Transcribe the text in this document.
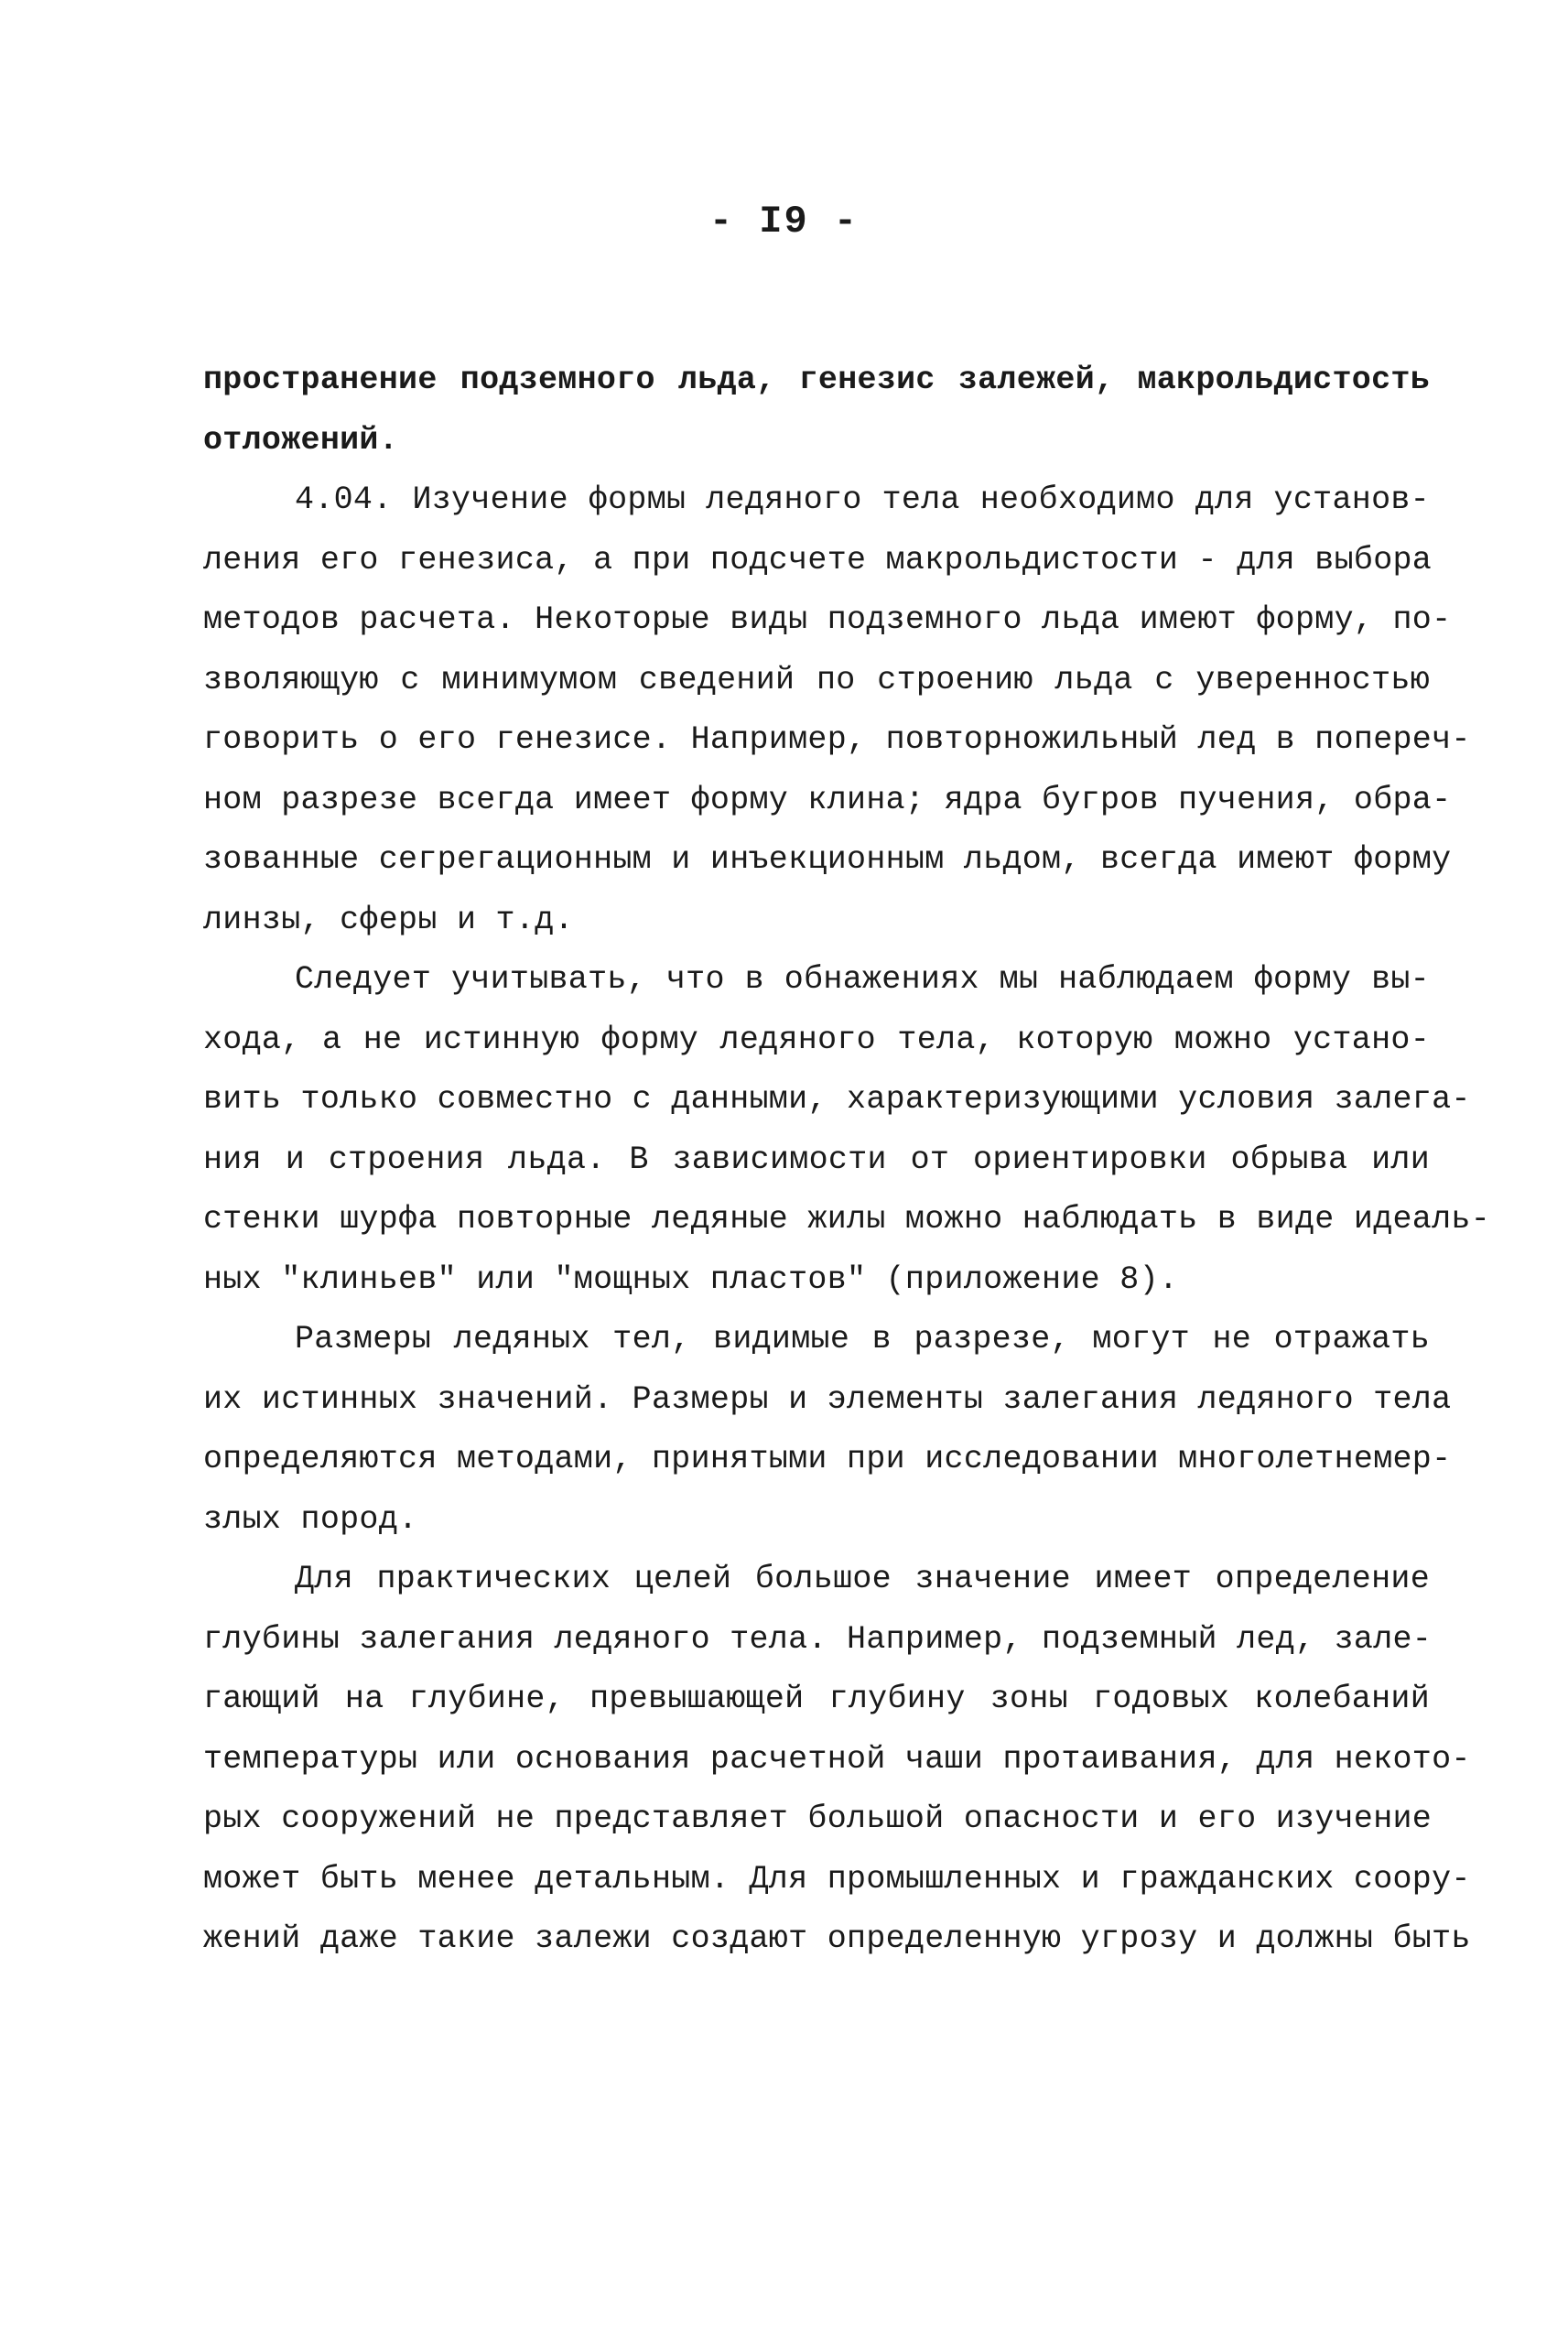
- I9 -
пространение подземного льда, генезис залежей, макрольдистость
отложений.
4.04. Изучение формы ледяного тела необходимо для установ-
ления его генезиса, а при подсчете макрольдистости - для выбора
методов расчета. Некоторые виды подземного льда имеют форму, по-
зволяющую с минимумом сведений по строению льда с уверенностью
говорить о его генезисе. Например, повторножильный лед в попереч-
ном разрезе всегда имеет форму клина; ядра бугров пучения, обра-
зованные сегрегационным и инъекционным льдом, всегда имеют форму
линзы, сферы и т.д.
Следует учитывать, что в обнажениях мы наблюдаем форму вы-
хода, а не истинную форму ледяного тела, которую можно устано-
вить только совместно с данными, характеризующими условия залега-
ния и строения льда. В зависимости от ориентировки обрыва или
стенки шурфа повторные ледяные жилы можно наблюдать в виде идеаль-
ных "клиньев" или "мощных пластов" (приложение 8).
Размеры ледяных тел, видимые в разрезе, могут не отражать
их истинных значений. Размеры и элементы залегания ледяного тела
определяются методами, принятыми при исследовании многолетнемер-
злых пород.
Для практических целей большое значение имеет определение
глубины залегания ледяного тела. Например, подземный лед, зале-
гающий на глубине, превышающей глубину зоны годовых колебаний
температуры или основания расчетной чаши протаивания, для некото-
рых сооружений не представляет большой опасности и его изучение
может быть менее детальным. Для промышленных и гражданских соору-
жений даже такие залежи создают определенную угрозу и должны быть
